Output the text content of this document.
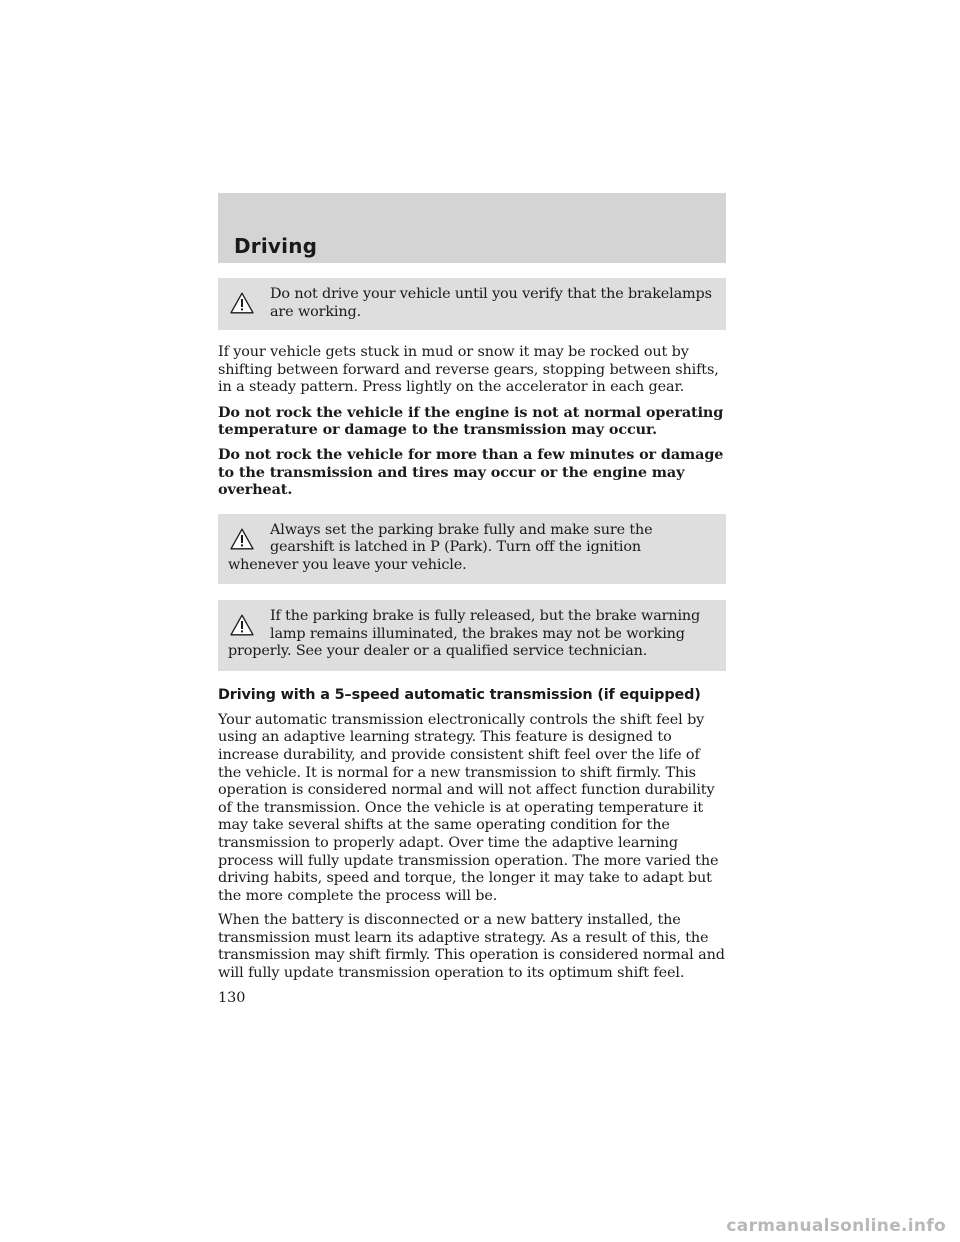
Driving
Do not drive your vehicle until you verify that the brakelamps are working.

If your vehicle gets stuck in mud or snow it may be rocked out by shifting between forward and reverse gears, stopping between shifts, in a steady pattern. Press lightly on the accelerator in each gear.

Do not rock the vehicle if the engine is not at normal operating temperature or damage to the transmission may occur.

Do not rock the vehicle for more than a few minutes or damage to the transmission and tires may occur or the engine may overheat.

Always set the parking brake fully and make sure the gearshift is latched in P (Park). Turn off the ignition whenever you leave your vehicle.
If the parking brake is fully released, but the brake warning lamp remains illuminated, the brakes may not be working properly. See your dealer or a qualified service technician.
Driving with a 5–speed automatic transmission (if equipped)

Your automatic transmission electronically controls the shift feel by using an adaptive learning strategy. This feature is designed to increase durability, and provide consistent shift feel over the life of the vehicle. It is normal for a new transmission to shift firmly. This operation is considered normal and will not affect function durability of the transmission. Once the vehicle is at operating temperature it may take several shifts at the same operating condition for the transmission to properly adapt. Over time the adaptive learning process will fully update transmission operation. The more varied the driving habits, speed and torque, the longer it may take to adapt but the more complete the process will be.

When the battery is disconnected or a new battery installed, the transmission must learn its adaptive strategy. As a result of this, the transmission may shift firmly. This operation is considered normal and will fully update transmission operation to its optimum shift feel.

130
carmanualsonline.info
